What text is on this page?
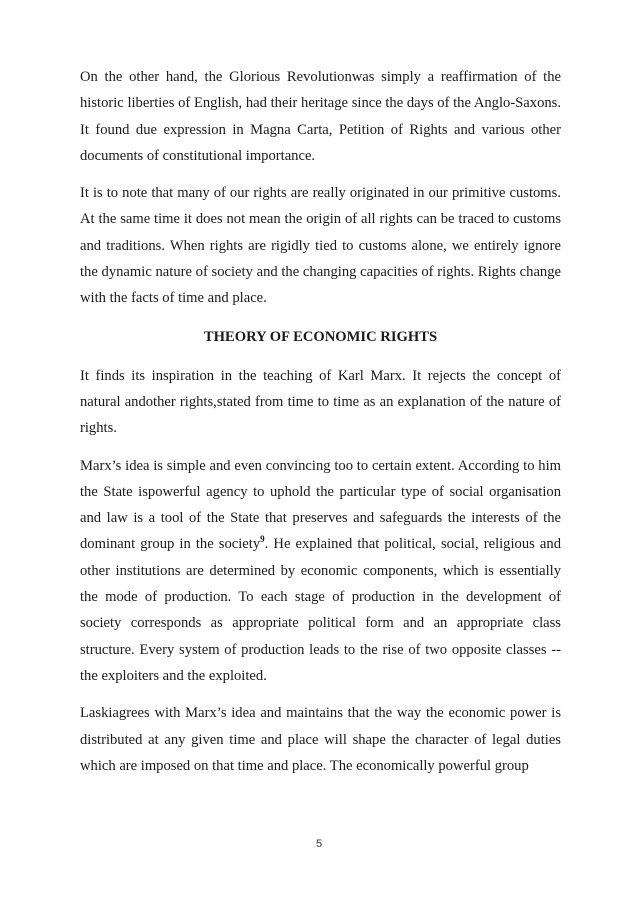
On the other hand, the Glorious Revolutionwas simply a reaffirmation of the historic liberties of English, had their heritage since the days of the Anglo-Saxons. It found due expression in Magna Carta, Petition of Rights and various other documents of constitutional importance.

It is to note that many of our rights are really originated in our primitive customs. At the same time it does not mean the origin of all rights can be traced to customs and traditions. When rights are rigidly tied to customs alone, we entirely ignore the dynamic nature of society and the changing capacities of rights. Rights change with the facts of time and place.

THEORY OF ECONOMIC RIGHTS

It finds its inspiration in the teaching of Karl Marx. It rejects the concept of natural andother rights,stated from time to time as an explanation of the nature of rights.

Marx’s idea is simple and even convincing too to certain extent. According to him the State ispowerful agency to uphold the particular type of social organisation and law is a tool of the State that preserves and safeguards the interests of the dominant group in the society$^9$. He explained that political, social, religious and other institutions are determined by economic components, which is essentially the mode of production. To each stage of production in the development of society corresponds as appropriate political form and an appropriate class structure. Every system of production leads to the rise of two opposite classes -- the exploiters and the exploited.

Laskiagrees with Marx’s idea and maintains that the way the economic power is distributed at any given time and place will shape the character of legal duties which are imposed on that time and place. The economically powerful group

5
